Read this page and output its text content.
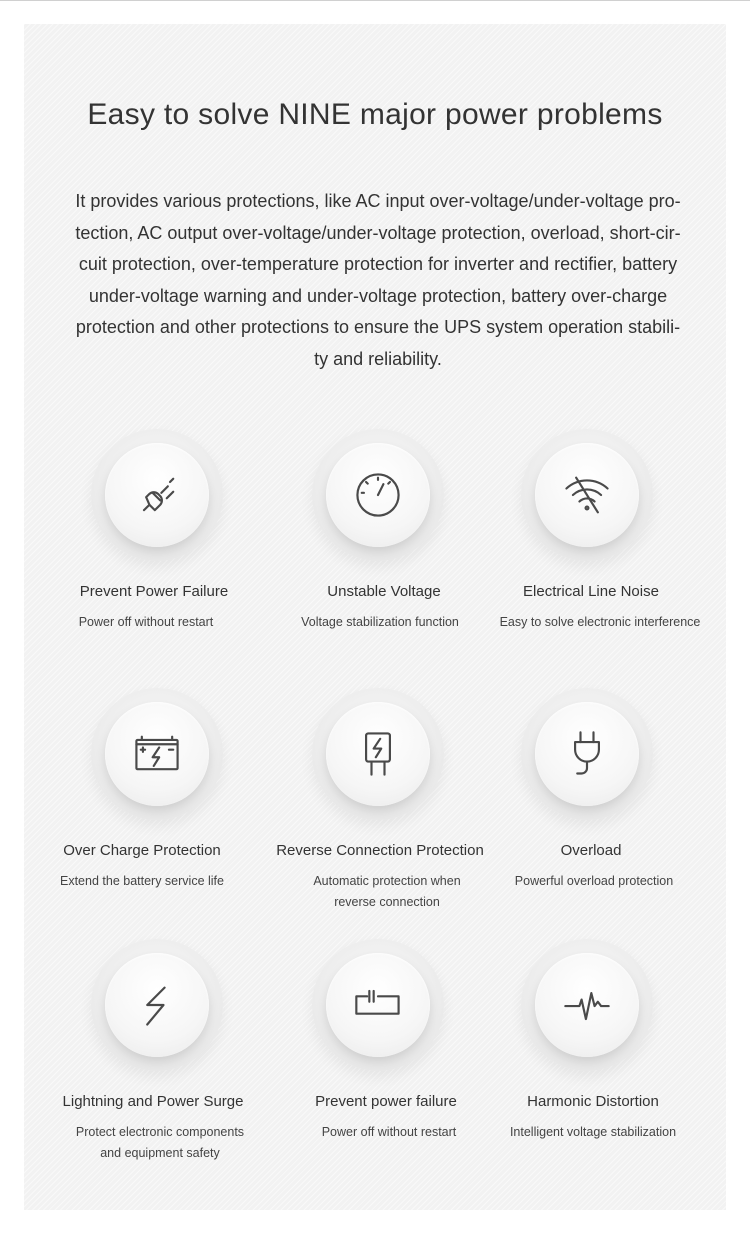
Easy to solve NINE major power problems

It provides various protections, like AC input over-voltage/under-voltage pro-
tection, AC output over-voltage/under-voltage protection, overload, short-cir-
cuit protection, over-temperature protection for inverter and rectifier, battery
under-voltage warning and under-voltage protection, battery over-charge
protection and other protections to ensure the UPS system operation stabili-
ty and reliability.

Prevent Power Failure
Power off without restart
Unstable Voltage
Voltage stabilization function
Electrical Line Noise
Easy to solve electronic interference
Over Charge Protection
Extend the battery service life
Reverse Connection Protection
Automatic protection when
reverse connection
Overload
Powerful overload protection
Lightning and Power Surge
Protect electronic components
and equipment safety
Prevent power failure
Power off without restart
Harmonic Distortion
Intelligent voltage stabilization
